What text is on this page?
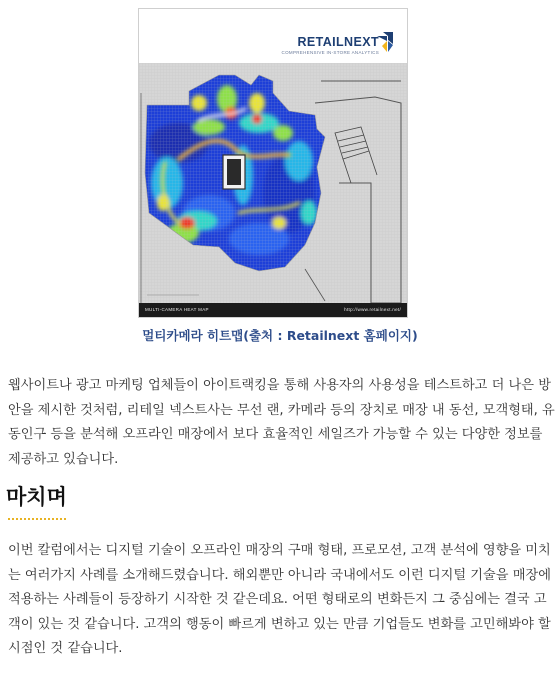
RETAILNEXT
COMPREHENSIVE IN-STORE ANALYTICS
MULTI-CAMERA HEAT MAP	http://www.retailnext.net/
멀티카메라 히트맵(출처 : Retailnext 홈페이지)

웹사이트나 광고 마케팅 업체들이 아이트랙킹을 통해 사용자의 사용성을 테스트하고 더 나은 방안을 제시한 것처럼, 리테일 넥스트사는 무선 랜, 카메라 등의 장치로 매장 내 동선, 모객형태, 유동인구 등을 분석해 오프라인 매장에서 보다 효율적인 세일즈가 가능할 수 있는 다양한 정보를 제공하고 있습니다.

마치며

이번 칼럼에서는 디지털 기술이 오프라인 매장의 구매 형태, 프로모션, 고객 분석에 영향을 미치는 여러가지 사례를 소개해드렸습니다. 해외뿐만 아니라 국내에서도 이런 디지털 기술을 매장에 적용하는 사례들이 등장하기 시작한 것 같은데요. 어떤 형태로의 변화든지 그 중심에는 결국 고객이 있는 것 같습니다. 고객의 행동이 빠르게 변하고 있는 만큼 기업들도 변화를 고민해봐야 할 시점인 것 같습니다.
